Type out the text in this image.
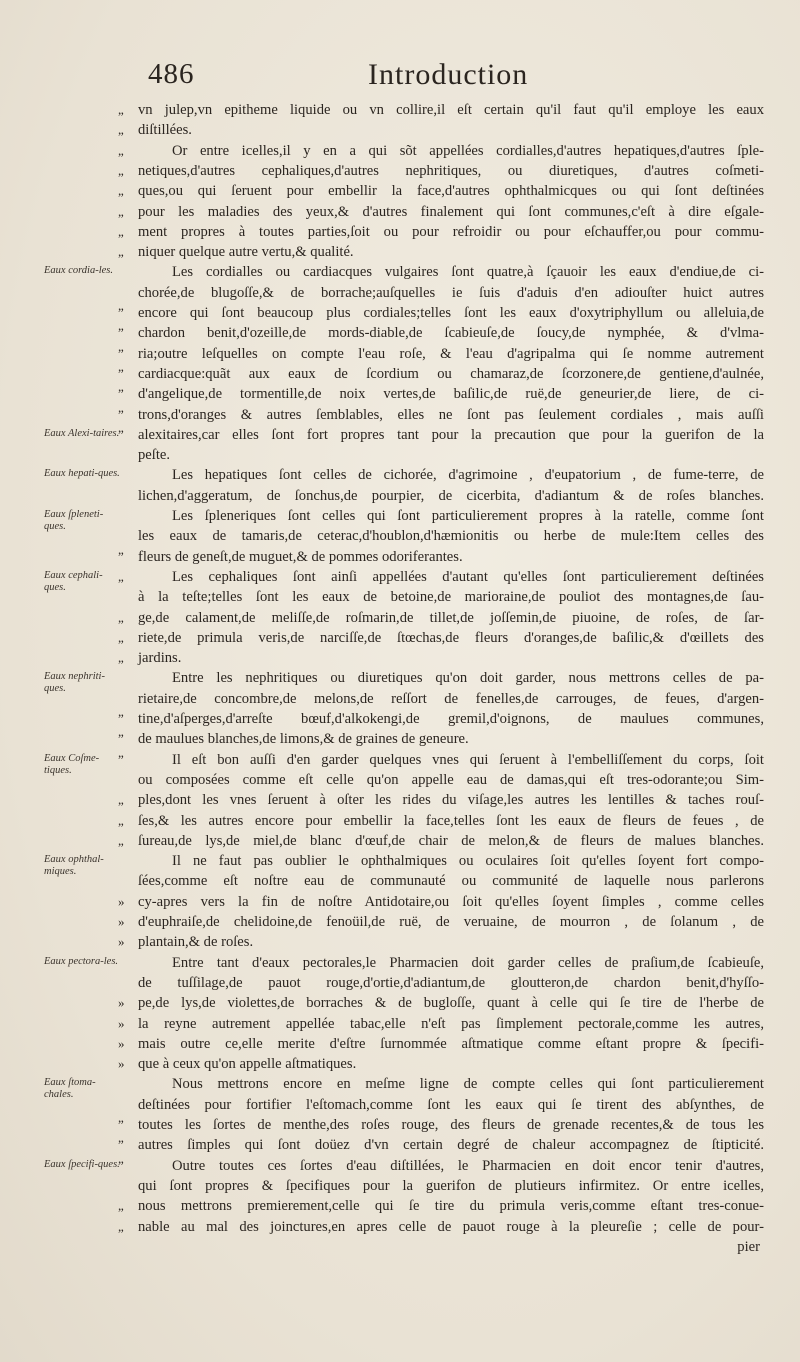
486	Introduction
„ vn julep,vn epitheme liquide ou vn collire,il eſt certain qu'il faut qu'il employe les eaux
„ diſtillées.
„	Or entre icelles,il y en a qui sõt appellées cordialles,d'autres hepatiques,d'autres ſple-
„ netiques,d'autres cephaliques,d'autres nephritiques, ou diuretiques, d'autres coſmeti-
„ ques,ou qui ſeruent pour embellir la face,d'autres ophthalmicques ou qui ſont deſtinées
„ pour les maladies des yeux,& d'autres finalement qui ſont communes,c'eſt à dire eſgale-
„ ment propres à toutes parties,ſoit ou pour refroidir ou pour eſchauffer,ou pour commu-
„ niquer quelque autre vertu,& qualité.
Les cordialles ou cardiacques vulgaires ſont quatre,à ſçauoir les eaux d'endiue,de ci-
chorée,de blugoſſe,& de borrache;auſquelles ie ſuis d'aduis d'en adiouſter huict autres
” encore qui ſont beaucoup plus cordiales;telles ſont les eaux d'oxytriphyllum ou alleluia,de
” chardon benit,d'ozeille,de mords-diable,de ſcabieuſe,de ſoucy,de nymphée, & d'vlma-
” ria;outre leſquelles on compte l'eau roſe, & l'eau d'agripalma qui ſe nomme autrement
” cardiacque:quãt aux eaux de ſcordium ou chamaraz,de ſcorzonere,de gentiene,d'aulnée,
” d'angelique,de tormentille,de noix vertes,de baſilic,de ruë,de geneurier,de liere, de ci-
” trons,d'oranges & autres ſemblables, elles ne ſont pas ſeulement cordiales , mais auſſi
” alexitaires,car elles ſont fort propres tant pour la precaution que pour la guerifon de la
peſte.
Les hepatiques ſont celles de cichorée, d'agrimoine , d'eupatorium , de fume-terre, de
lichen,d'aggeratum, de ſonchus,de pourpier, de cicerbita, d'adiantum & de roſes blanches.
Les ſpleneriques ſont celles qui ſont particulierement propres à la ratelle, comme ſont
les eaux de tamaris,de ceterac,d'houblon,d'hæmionitis ou herbe de mule:Item celles des
” fleurs de geneſt,de muguet,& de pommes odoriferantes.
„	Les cephaliques ſont ainſi appellées d'autant qu'elles ſont particulierement deſtinées
à la teſte;telles ſont les eaux de betoine,de marioraine,de pouliot des montagnes,de ſau-
„ ge,de calament,de meliſſe,de roſmarin,de tillet,de joſſemin,de piuoine, de roſes, de ſar-
„ riete,de primula veris,de narciſſe,de ſtœchas,de fleurs d'oranges,de baſilic,& d'œillets des
„ jardins.
Entre les nephritiques ou diuretiques qu'on doit garder, nous mettrons celles de pa-
rietaire,de concombre,de melons,de reſſort de fenelles,de carrouges, de feues, d'argen-
” tine,d'aſperges,d'arreſte bœuf,d'alkokengi,de gremil,d'oignons, de maulues communes,
” de maulues blanches,de limons,& de graines de geneure.
”	Il eſt bon auſſi d'en garder quelques vnes qui ſeruent à l'embelliſſement du corps, ſoit
ou composées comme eſt celle qu'on appelle eau de damas,qui eſt tres-odorante;ou Sim-
„ ples,dont les vnes ſeruent à oſter les rides du viſage,les autres les lentilles & taches rouſ-
„ ſes,& les autres encore pour embellir la face,telles ſont les eaux de fleurs de feues , de
„ ſureau,de lys,de miel,de blanc d'œuf,de chair de melon,& de fleurs de malues blanches.
Il ne faut pas oublier le ophthalmiques ou oculaires ſoit qu'elles ſoyent fort compo-
ſées,comme eſt noſtre eau de communauté ou communité de laquelle nous parlerons
» cy-apres vers la fin de noſtre Antidotaire,ou ſoit qu'elles ſoyent ſimples , comme celles
» d'euphraiſe,de chelidoine,de fenoüil,de ruë, de veruaine, de mourron , de ſolanum , de
» plantain,& de roſes.
Entre tant d'eaux pectorales,le Pharmacien doit garder celles de praſium,de ſcabieuſe,
de tuſſilage,de pauot rouge,d'ortie,d'adiantum,de gloutteron,de chardon benit,d'hyſſo-
» pe,de lys,de violettes,de borraches & de bugloſſe, quant à celle qui ſe tire de l'herbe de
» la reyne autrement appellée tabac,elle n'eſt pas ſimplement pectorale,comme les autres,
» mais outre ce,elle merite d'eſtre ſurnommée aſtmatique comme eſtant propre & ſpecifi-
» que à ceux qu'on appelle aſtmatiques.
Nous mettrons encore en meſme ligne de compte celles qui ſont particulierement
deſtinées pour fortifier l'eſtomach,comme ſont les eaux qui ſe tirent des abſynthes, de
” toutes les ſortes de menthe,des roſes rouge, des fleurs de grenade recentes,& de tous les
” autres ſimples qui ſont doüez d'vn certain degré de chaleur accompagnez de ſtipticité.
”	Outre toutes ces ſortes d'eau diſtillées, le Pharmacien en doit encor tenir d'autres,
qui ſont propres & ſpecifiques pour la guerifon de plutieurs infirmitez. Or entre icelles,
„ nous mettrons premierement,celle qui ſe tire du primula veris,comme eſtant tres-conue-
„ nable au mal des joinctures,en apres celle de pauot rouge à la pleureſie ; celle de pour-
pier
Eaux cordia-les.
Eaux Alexi-taires.
Eaux hepati-ques.
Eaux ſpleneti-ques.
Eaux cephali-ques.
Eaux nephriti-ques.
Eaux Coſme-tiques.
Eaux ophthal-miques.
Eaux pectora-les.
Eaux ſtoma-chales.
Eaux ſpecifi-ques.
